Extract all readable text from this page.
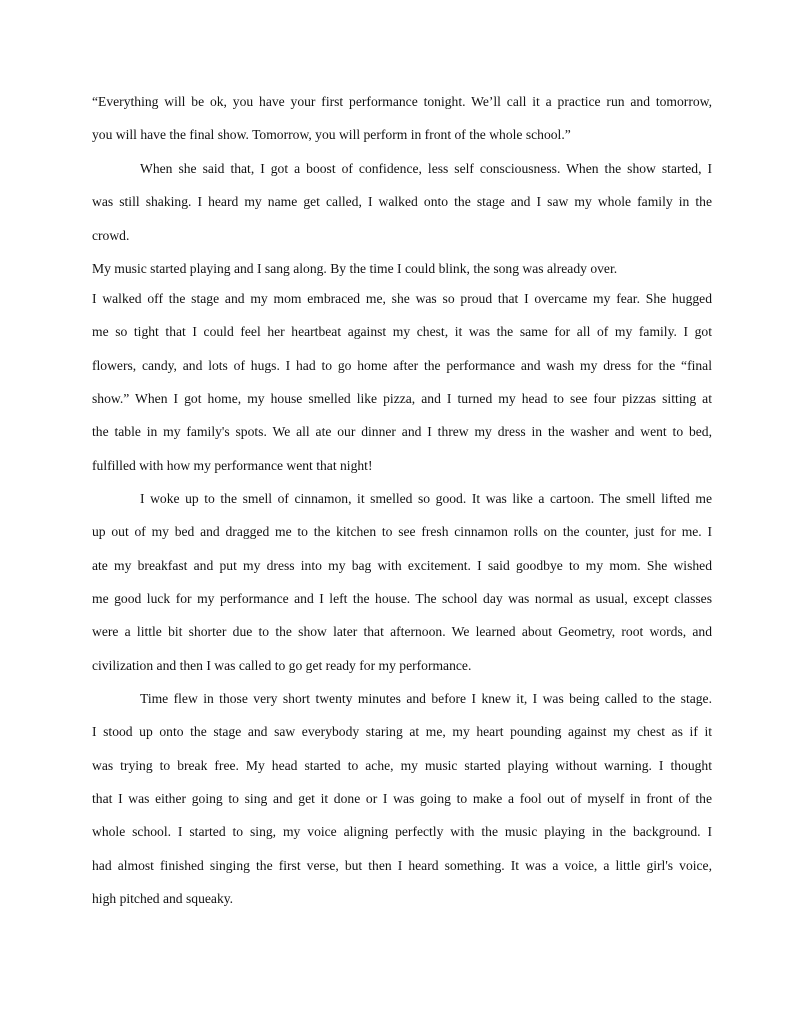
“Everything will be ok, you have your first performance tonight. We’ll call it a practice run and tomorrow,
you will have the final show. Tomorrow, you will perform in front of the whole school.”
When she said that, I got a boost of confidence, less self consciousness. When the show started, I
was still shaking. I heard my name get called, I walked onto the stage and I saw my whole family in the
crowd.
My music started playing and I sang along. By the time I could blink, the song was already over.
I walked off the stage and my mom embraced me, she was so proud that I overcame my fear. She hugged
me so tight that I could feel her heartbeat against my chest, it was the same for all of my family. I got
flowers, candy, and lots of hugs. I had to go home after the performance and wash my dress for the “final
show.” When I got home, my house smelled like pizza, and I turned my head to see four pizzas sitting at
the table in my family's spots. We all ate our dinner and I threw my dress in the washer and went to bed,
fulfilled with how my performance went that night!
I woke up to the smell of cinnamon, it smelled so good. It was like a cartoon. The smell lifted me
up out of my bed and dragged me to the kitchen to see fresh cinnamon rolls on the counter, just for me. I
ate my breakfast and put my dress into my bag with excitement. I said goodbye to my mom. She wished
me good luck for my performance and I left the house. The school day was normal as usual, except classes
were a little bit shorter due to the show later that afternoon. We learned about Geometry, root words, and
civilization and then I was called to go get ready for my performance.
Time flew in those very short twenty minutes and before I knew it, I was being called to the stage.
I stood up onto the stage and saw everybody staring at me, my heart pounding against my chest as if it
was trying to break free. My head started to ache, my music started playing without warning. I thought
that I was either going to sing and get it done or I was going to make a fool out of myself in front of the
whole school. I started to sing, my voice aligning perfectly with the music playing in the background. I
had almost finished singing the first verse, but then I heard something. It was a voice, a little girl's voice,
high pitched and squeaky.
